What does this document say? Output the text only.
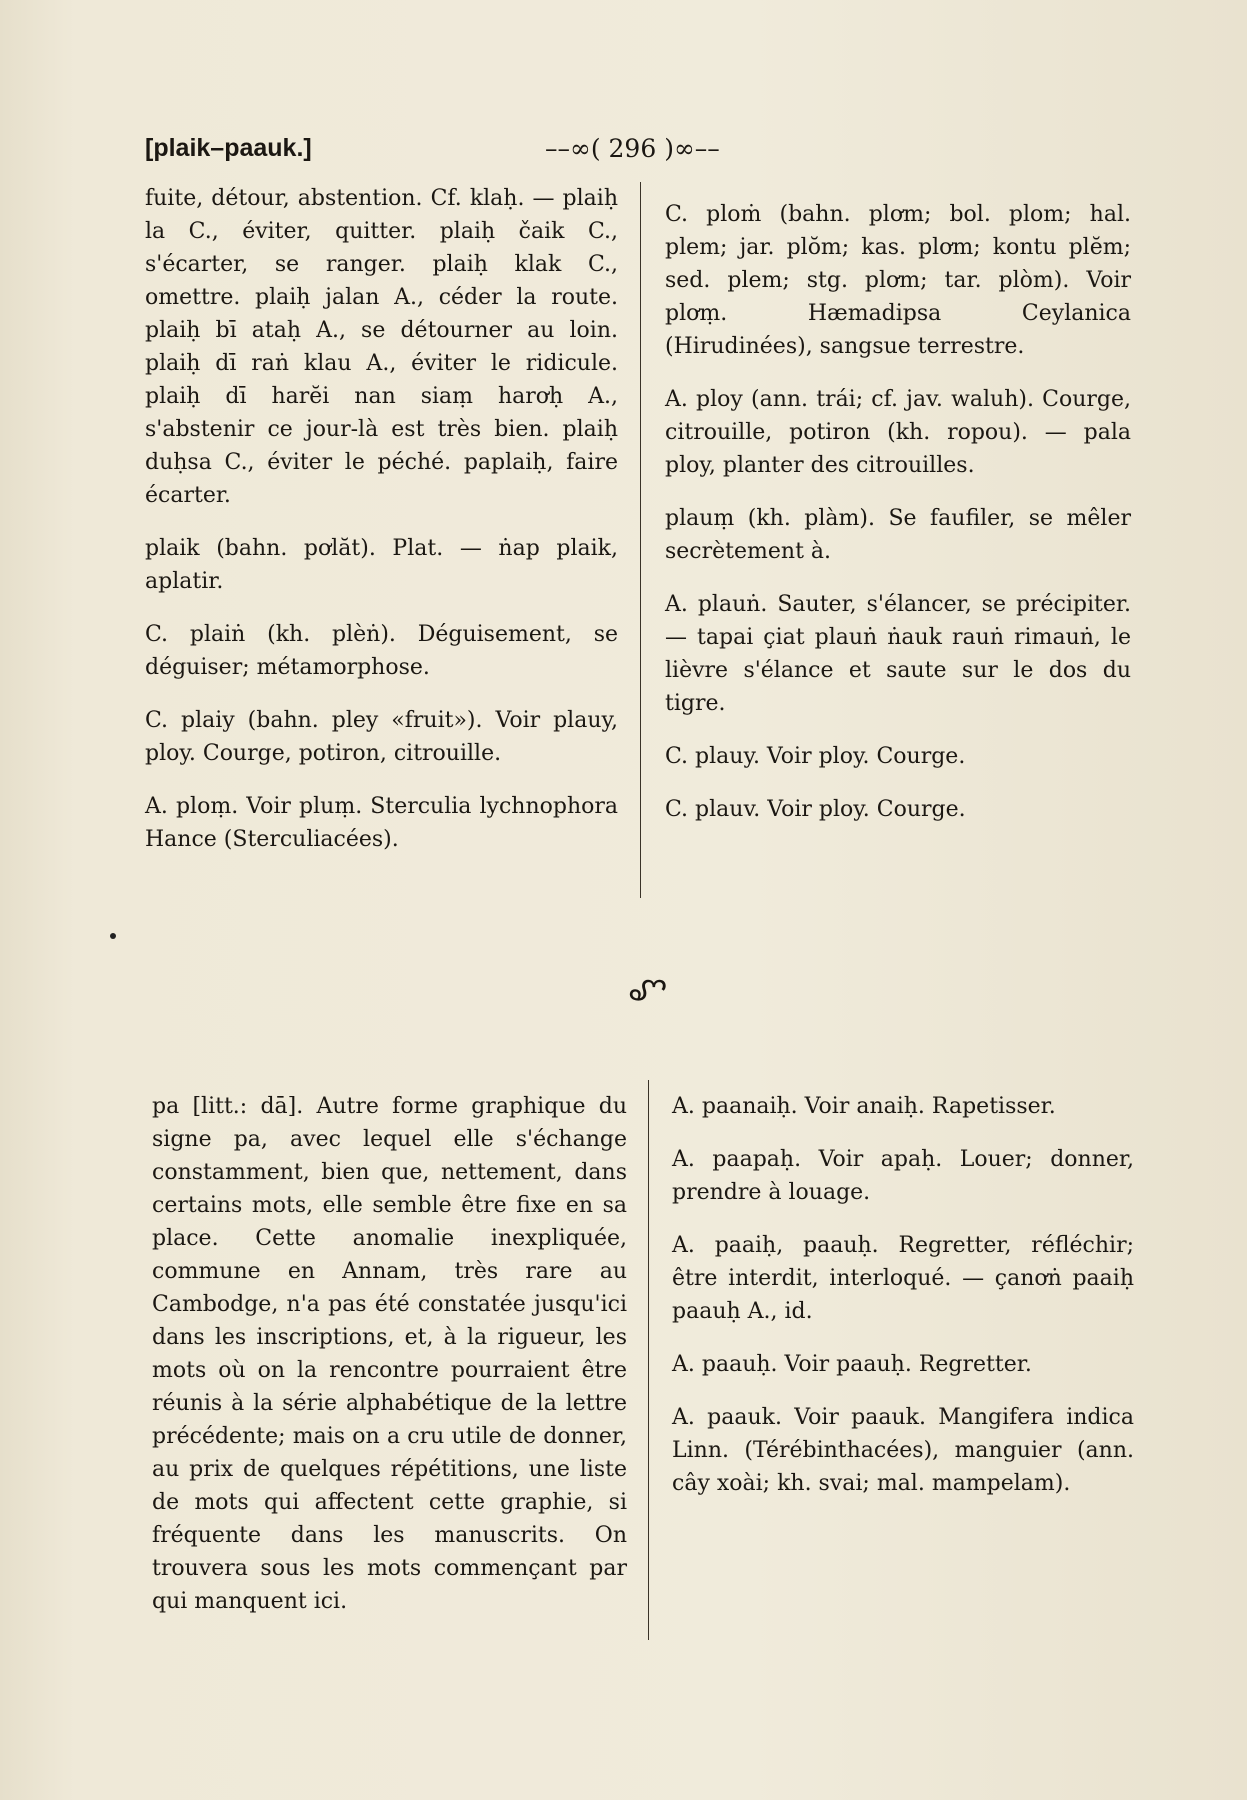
[plaik–paauk.]	––∞( 296 )∞––

fuite, détour, abstention. Cf. klaḥ. — plaiḥ la C., éviter, quitter. plaiḥ čaik C., s'écarter, se ranger. plaiḥ klak C., omettre. plaiḥ jalan A., céder la route. plaiḥ bī ataḥ A., se détourner au loin. plaiḥ dī raṅ klau A., éviter le ridicule. plaiḥ dī harĕi nan siaṃ harơḥ A., s'abstenir ce jour-là est très bien. plaiḥ duḥsa C., éviter le péché. paplaiḥ, faire écarter.

plaik (bahn. pơlăt). Plat. — ṅap plaik, aplatir.

C. plaiṅ (kh. plèṅ). Déguisement, se déguiser; métamorphose.

C. plaiy (bahn. pley «fruit»). Voir plauy, ploy. Courge, potiron, citrouille.

A. ploṃ. Voir pluṃ. Sterculia lychnophora Hance (Sterculiacées).

C. ploṁ (bahn. plơm; bol. plom; hal. plem; jar. plŏm; kas. plơm; kontu plĕm; sed. plem; stg. plơm; tar. plòm). Voir plơṃ. Hæmadipsa Ceylanica (Hirudinées), sangsue terrestre.

A. ploy (ann. trái; cf. jav. waluh). Courge, citrouille, potiron (kh. ropou). — pala ploy, planter des citrouilles.

plauṃ (kh. plàm). Se faufiler, se mêler secrètement à.

A. plauṅ. Sauter, s'élancer, se précipiter. — tapai çiat plauṅ ṅauk rauṅ rimauṅ, le lièvre s'élance et saute sur le dos du tigre.

C. plauy. Voir ploy. Courge.

C. plauv. Voir ploy. Courge.

ꨚ

pa [litt.: dā]. Autre forme graphique du signe pa, avec lequel elle s'échange constamment, bien que, nettement, dans certains mots, elle semble être fixe en sa place. Cette anomalie inexpliquée, commune en Annam, très rare au Cambodge, n'a pas été constatée jusqu'ici dans les inscriptions, et, à la rigueur, les mots où on la rencontre pourraient être réunis à la série alphabétique de la lettre précédente; mais on a cru utile de donner, au prix de quelques répétitions, une liste de mots qui affectent cette graphie, si fréquente dans les manuscrits. On trouvera sous les mots commençant par qui manquent ici.

A. paanaiḥ. Voir anaiḥ. Rapetisser.

A. paapaḥ. Voir apaḥ. Louer; donner, prendre à louage.

A. paaiḥ, paauḥ. Regretter, réfléchir; être interdit, interloqué. — çanơṅ paaiḥ paauḥ A., id.

A. paauḥ. Voir paauḥ. Regretter.

A. paauk. Voir paauk. Mangifera indica Linn. (Térébinthacées), manguier (ann. cây xoài; kh. svai; mal. mampelam).
